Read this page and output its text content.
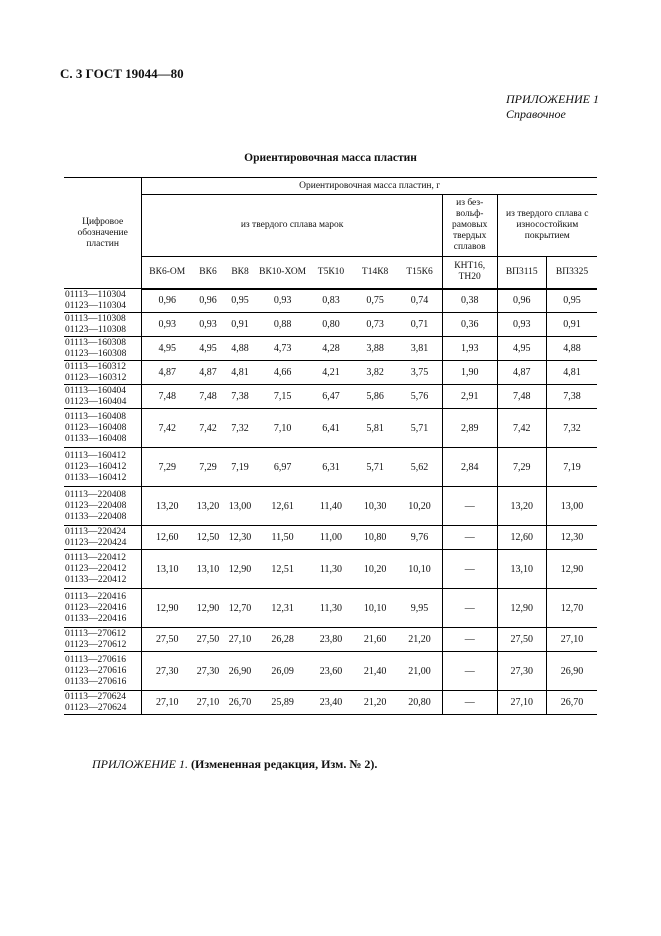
С. 3 ГОСТ 19044—80
ПРИЛОЖЕНИЕ 1
Справочное
Ориентировочная масса пластин
Цифровое обозначение пластин	Ориентировочная масса пластин, г									
	из твердого сплава марок							из без-вольф-рамовых твердых сплавов	из твердого сплава с износостойким покрытием	
	ВК6-ОМ	ВК6	ВК8	ВК10-ХОМ	Т5К10	Т14К8	Т15К6	КНТ16, ТН20	ВП3115	ВП3325

01113—110304
01123—110304	0,96	0,96	0,95	0,93	0,83	0,75	0,74	0,38	0,96	0,95

01113—110308
01123—110308	0,93	0,93	0,91	0,88	0,80	0,73	0,71	0,36	0,93	0,91

01113—160308
01123—160308	4,95	4,95	4,88	4,73	4,28	3,88	3,81	1,93	4,95	4,88

01113—160312
01123—160312	4,87	4,87	4,81	4,66	4,21	3,82	3,75	1,90	4,87	4,81

01113—160404
01123—160404	7,48	7,48	7,38	7,15	6,47	5,86	5,76	2,91	7,48	7,38

01113—160408
01123—160408
01133—160408	7,42	7,42	7,32	7,10	6,41	5,81	5,71	2,89	7,42	7,32

01113—160412
01123—160412
01133—160412	7,29	7,29	7,19	6,97	6,31	5,71	5,62	2,84	7,29	7,19

01113—220408
01123—220408
01133—220408	13,20	13,20	13,00	12,61	11,40	10,30	10,20	—	13,20	13,00

01113—220424
01123—220424	12,60	12,50	12,30	11,50	11,00	10,80	9,76	—	12,60	12,30

01113—220412
01123—220412
01133—220412	13,10	13,10	12,90	12,51	11,30	10,20	10,10	—	13,10	12,90

01113—220416
01123—220416
01133—220416	12,90	12,90	12,70	12,31	11,30	10,10	9,95	—	12,90	12,70

01113—270612
01123—270612	27,50	27,50	27,10	26,28	23,80	21,60	21,20	—	27,50	27,10

01113—270616
01123—270616
01133—270616	27,30	27,30	26,90	26,09	23,60	21,40	21,00	—	27,30	26,90

01113—270624
01123—270624	27,10	27,10	26,70	25,89	23,40	21,20	20,80	—	27,10	26,70
ПРИЛОЖЕНИЕ 1. (Измененная редакция, Изм. № 2).
